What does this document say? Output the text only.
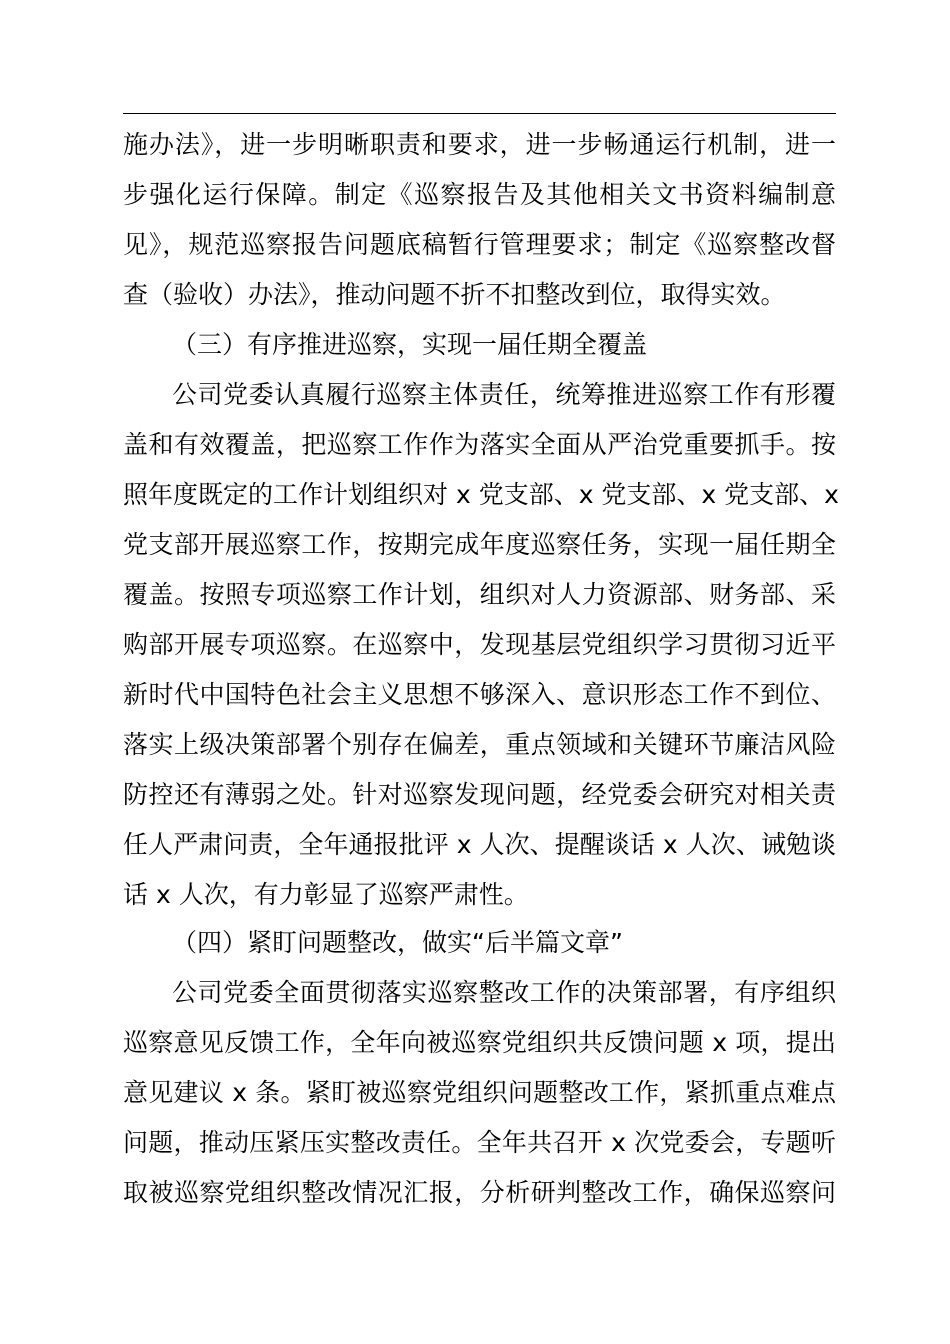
施办法》，进一步明晰职责和要求，进一步畅通运行机制，进一
步强化运行保障。制定《巡察报告及其他相关文书资料编制意
见》，规范巡察报告问题底稿暂行管理要求；制定《巡察整改督
查（验收）办法》，推动问题不折不扣整改到位，取得实效。
（三）有序推进巡察，实现一届任期全覆盖
公司党委认真履行巡察主体责任，统筹推进巡察工作有形覆
盖和有效覆盖，把巡察工作作为落实全面从严治党重要抓手。按
照年度既定的工作计划组织对 x 党支部、x 党支部、x 党支部、x
党支部开展巡察工作，按期完成年度巡察任务，实现一届任期全
覆盖。按照专项巡察工作计划，组织对人力资源部、财务部、采
购部开展专项巡察。在巡察中，发现基层党组织学习贯彻习近平
新时代中国特色社会主义思想不够深入、意识形态工作不到位、
落实上级决策部署个别存在偏差，重点领域和关键环节廉洁风险
防控还有薄弱之处。针对巡察发现问题，经党委会研究对相关责
任人严肃问责，全年通报批评 x 人次、提醒谈话 x 人次、诫勉谈
话 x 人次，有力彰显了巡察严肃性。
（四）紧盯问题整改，做实“后半篇文章”
公司党委全面贯彻落实巡察整改工作的决策部署，有序组织
巡察意见反馈工作，全年向被巡察党组织共反馈问题 x 项，提出
意见建议 x 条。紧盯被巡察党组织问题整改工作，紧抓重点难点
问题，推动压紧压实整改责任。全年共召开 x 次党委会，专题听
取被巡察党组织整改情况汇报，分析研判整改工作，确保巡察问
